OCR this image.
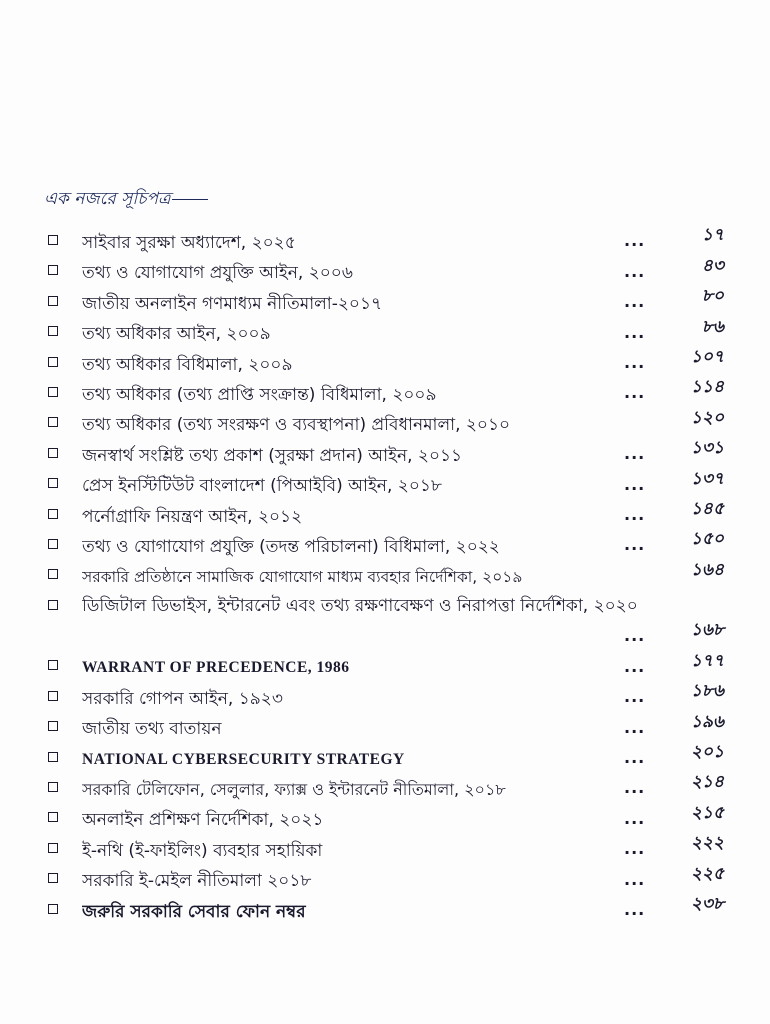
এক নজরে সূচিপত্র
সাইবার সুরক্ষা অধ্যাদেশ, ২০২৫	...	১৭
তথ্য ও যোগাযোগ প্রযুক্তি আইন, ২০০৬	...	৪৩
জাতীয় অনলাইন গণমাধ্যম নীতিমালা-২০১৭	...	৮০
তথ্য অধিকার আইন, ২০০৯	...	৮৬
তথ্য অধিকার বিধিমালা, ২০০৯	...	১০৭
তথ্য অধিকার (তথ্য প্রাপ্তি সংক্রান্ত) বিধিমালা, ২০০৯	...	১১৪
তথ্য অধিকার (তথ্য সংরক্ষণ ও ব্যবস্থাপনা) প্রবিধানমালা, ২০১০	১২০
জনস্বার্থ সংশ্লিষ্ট তথ্য প্রকাশ (সুরক্ষা প্রদান) আইন, ২০১১	...	১৩১
প্রেস ইনস্টিটিউট বাংলাদেশ (পিআইবি) আইন, ২০১৮	...	১৩৭
পর্নোগ্রাফি নিয়ন্ত্রণ আইন, ২০১২	...	১৪৫
তথ্য ও যোগাযোগ প্রযুক্তি (তদন্ত পরিচালনা) বিধিমালা, ২০২২	...	১৫০
সরকারি প্রতিষ্ঠানে সামাজিক যোগাযোগ মাধ্যম ব্যবহার নির্দেশিকা, ২০১৯	১৬৪
ডিজিটাল ডিভাইস, ইন্টারনেট এবং তথ্য রক্ষণাবেক্ষণ ও নিরাপত্তা নির্দেশিকা, ২০২০
...	১৬৮
WARRANT OF PRECEDENCE, 1986	...	১৭৭
সরকারি গোপন আইন, ১৯২৩	...	১৮৬
জাতীয় তথ্য বাতায়ন	...	১৯৬
NATIONAL CYBERSECURITY STRATEGY	...	২০১
সরকারি টেলিফোন, সেলুলার, ফ্যাক্স ও ইন্টারনেট নীতিমালা, ২০১৮	...	২১৪
অনলাইন প্রশিক্ষণ নির্দেশিকা, ২০২১	...	২১৫
ই-নথি (ই-ফাইলিং) ব্যবহার সহায়িকা	...	২২২
সরকারি ই-মেইল নীতিমালা ২০১৮	...	২২৫
জরুরি সরকারি সেবার ফোন নম্বর	...	২৩৮
